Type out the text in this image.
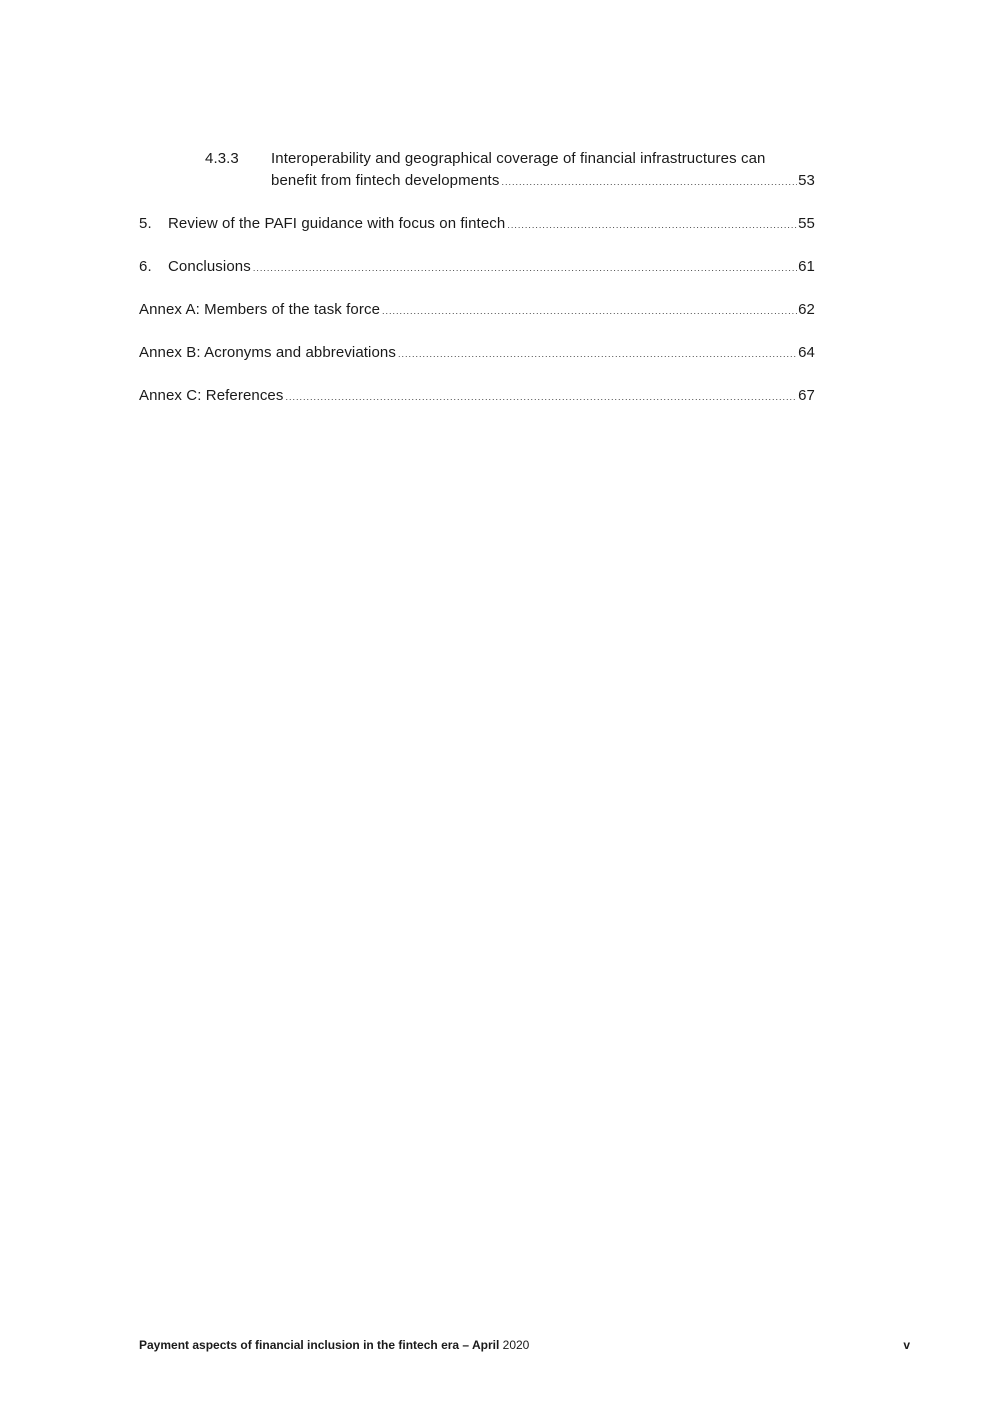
4.3.3 Interoperability and geographical coverage of financial infrastructures can
benefit from fintech developments .....	53
5. Review of the PAFI guidance with focus on fintech .....	55
6. Conclusions .....	61
Annex A: Members of the task force .....	62
Annex B: Acronyms and abbreviations .....	64
Annex C: References .....	67
Payment aspects of financial inclusion in the fintech era – April 2020	v
